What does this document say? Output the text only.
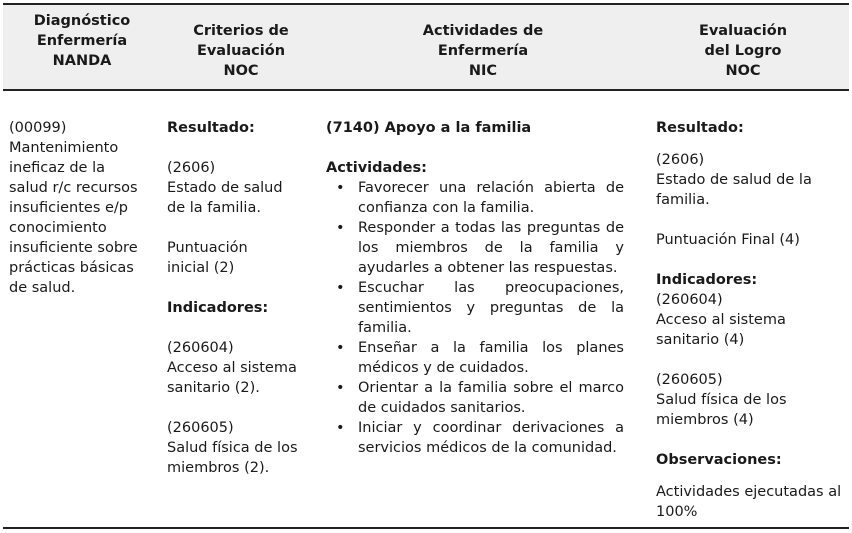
Diagnóstico
Enfermería
NANDA
Criterios de
Evaluación
NOC
Actividades de
Enfermería
NIC
Evaluación
del Logro
NOC
(00099)
Mantenimiento
ineficaz de la
salud r/c recursos
insuficientes e/p
conocimiento
insuficiente sobre
prácticas básicas
de salud.
Resultado:
(2606)
Estado de salud
de la familia.
Puntuación
inicial (2)
Indicadores:
(260604)
Acceso al sistema
sanitario (2).
(260605)
Salud física de los
miembros (2).
(7140) Apoyo a la familia
Actividades:
• Favorecer una relación abierta de confianza con la familia.
• Responder a todas las preguntas de los miembros de la familia y ayudarles a obtener las respuestas.
• Escuchar las preocupaciones, sentimientos y preguntas de la familia.
• Enseñar a la familia los planes médicos y de cuidados.
• Orientar a la familia sobre el marco de cuidados sanitarios.
• Iniciar y coordinar derivaciones a servicios médicos de la comunidad.
Resultado:
(2606)
Estado de salud de la
familia.
Puntuación Final (4)
Indicadores:
(260604)
Acceso al sistema
sanitario (4)
(260605)
Salud física de los
miembros (4)
Observaciones:
Actividades ejecutadas al
100%
